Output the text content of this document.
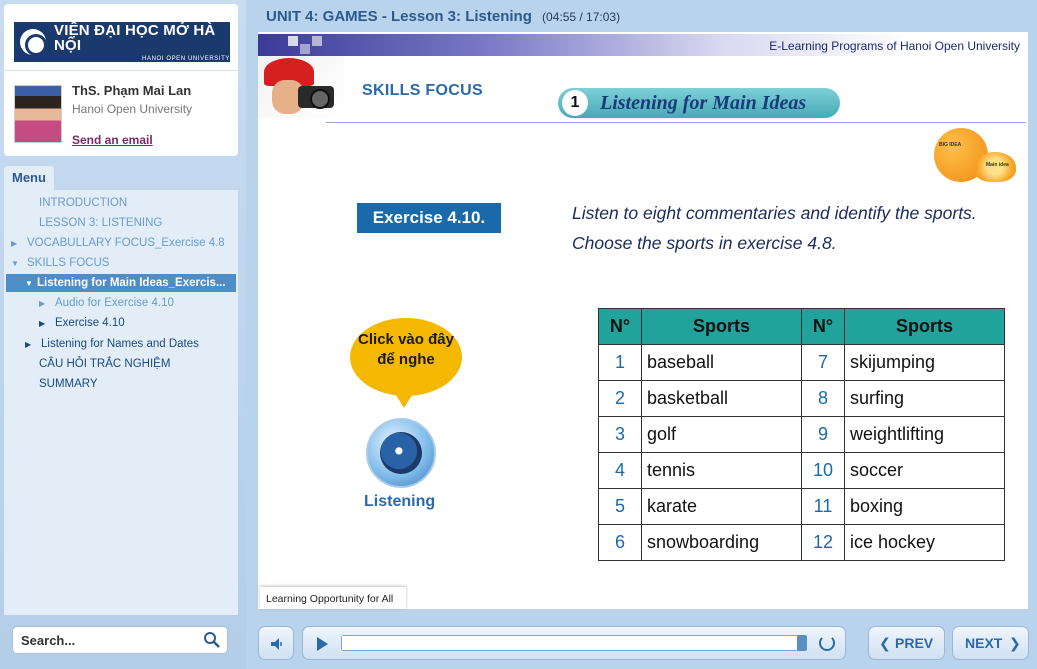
VIỆN ĐẠI HỌC MỞ HÀ NỘI
HANOI OPEN UNIVERSITY
ThS. Phạm Mai Lan
Hanoi Open University
Send an email
Menu
INTRODUCTION
LESSON 3: LISTENING
▶ VOCABULLARY FOCUS_Exercise 4.8
▼ SKILLS FOCUS
▼ Listening for Main Ideas_Exercis...
▶ Audio for Exercise 4.10
▶ Exercise 4.10
▶ Listening for Names and Dates
CÂU HỎI TRẮC NGHIỆM
SUMMARY
Search...
UNIT 4: GAMES - Lesson 3: Listening (04:55 / 17:03)
E-Learning Programs of Hanoi Open University
SKILLS FOCUS
1	Listening for Main Ideas
BIG IDEA
Main idea
Exercise 4.10.	Listen to eight commentaries and identify the sports. Choose the sports in exercise 4.8.
Click vào đây để nghe
Listening
N°	Sports	N°	Sports
1	baseball	7	skijumping
2	basketball	8	surfing
3	golf	9	weightlifting
4	tennis	10	soccer
5	karate	11	boxing
6	snowboarding	12	ice hockey
Learning Opportunity for All
❮ PREV NEXT ❯
